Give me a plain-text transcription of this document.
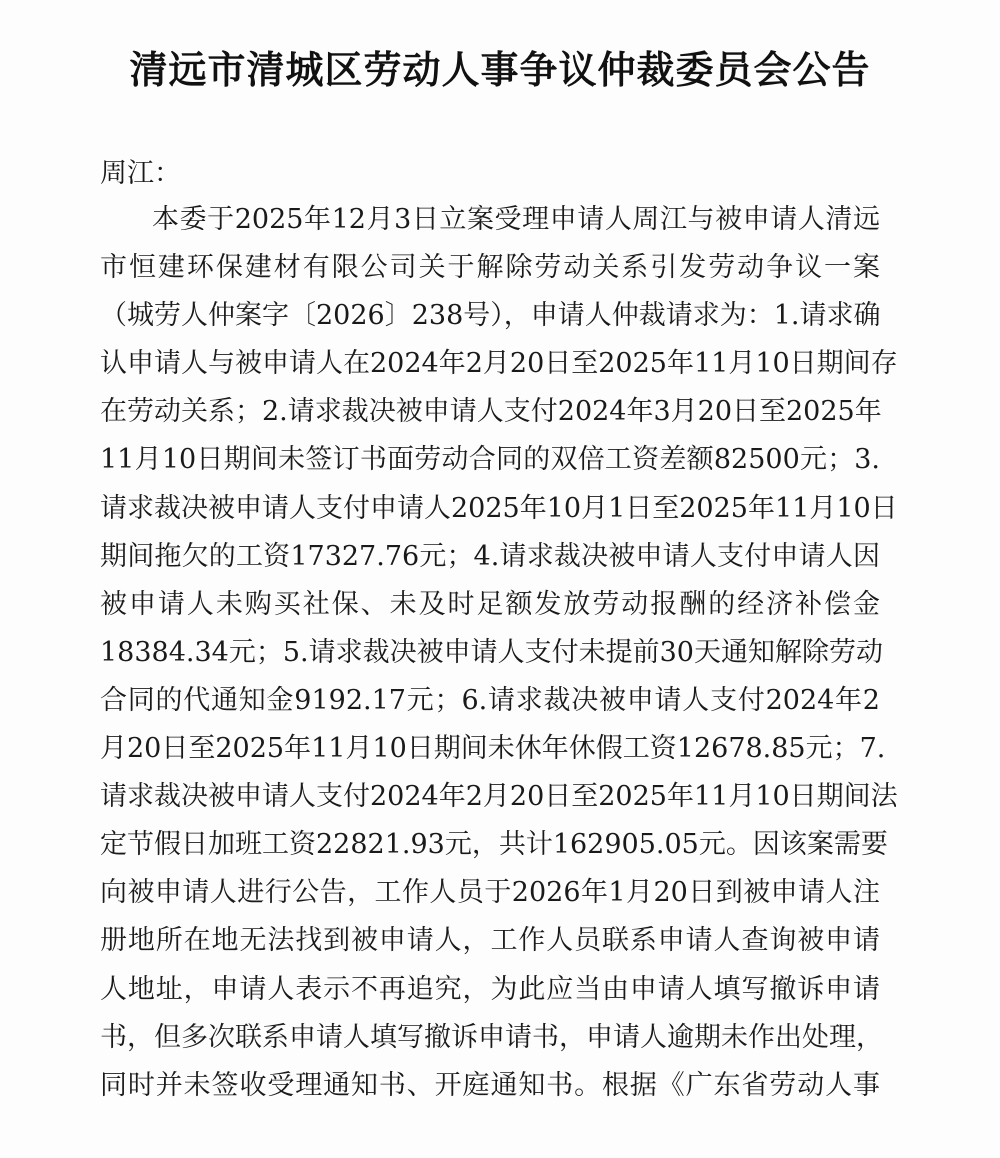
清远市清城区劳动人事争议仲裁委员会公告
周江：
本委于2025年12月3日立案受理申请人周江与被申请人清远
市恒建环保建材有限公司关于解除劳动关系引发劳动争议一案
（城劳人仲案字〔2026〕238号），申请人仲裁请求为：1.请求确
认申请人与被申请人在2024年2月20日至2025年11月10日期间存
在劳动关系；2.请求裁决被申请人支付2024年3月20日至2025年
11月10日期间未签订书面劳动合同的双倍工资差额82500元；3.
请求裁决被申请人支付申请人2025年10月1日至2025年11月10日
期间拖欠的工资17327.76元；4.请求裁决被申请人支付申请人因
被申请人未购买社保、未及时足额发放劳动报酬的经济补偿金
18384.34元；5.请求裁决被申请人支付未提前30天通知解除劳动
合同的代通知金9192.17元；6.请求裁决被申请人支付2024年2
月20日至2025年11月10日期间未休年休假工资12678.85元；7.
请求裁决被申请人支付2024年2月20日至2025年11月10日期间法
定节假日加班工资22821.93元，共计162905.05元。因该案需要
向被申请人进行公告，工作人员于2026年1月20日到被申请人注
册地所在地无法找到被申请人，工作人员联系申请人查询被申请
人地址，申请人表示不再追究，为此应当由申请人填写撤诉申请
书，但多次联系申请人填写撤诉申请书，申请人逾期未作出处理，
同时并未签收受理通知书、开庭通知书。根据《广东省劳动人事
